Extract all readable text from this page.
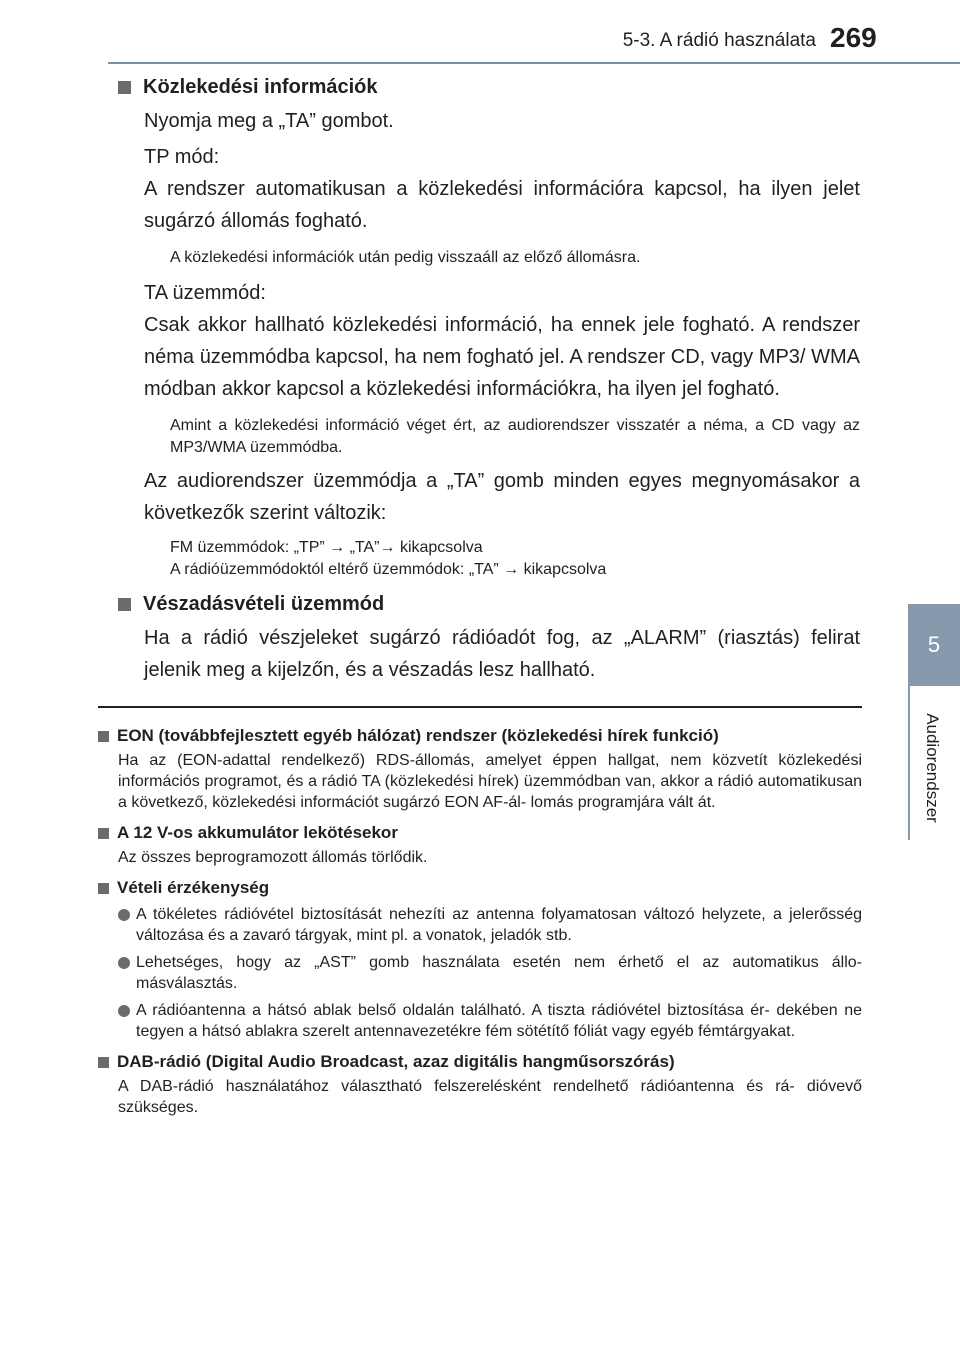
5-3. A rádió használata 269
5
Audiorendszer
Közlekedési információk
Nyomja meg a „TA” gombot.
TP mód:
A rendszer automatikusan a közlekedési információra kapcsol, ha ilyen jelet sugárzó állomás fogható.
A közlekedési információk után pedig visszaáll az előző állomásra.
TA üzemmód:
Csak akkor hallható közlekedési információ, ha ennek jele fogható. A rendszer néma üzemmódba kapcsol, ha nem fogható jel. A rendszer CD, vagy MP3/ WMA módban akkor kapcsol a közlekedési információkra, ha ilyen jel fogható.
Amint a közlekedési információ véget ért, az audiorendszer visszatér a néma, a CD vagy az MP3/WMA üzemmódba.
Az audiorendszer üzemmódja a „TA” gomb minden egyes megnyomásakor a következők szerint változik:
FM üzemmódok: „TP” → „TA”→ kikapcsolva
A rádióüzemmódoktól eltérő üzemmódok: „TA” → kikapcsolva
Vészadásvételi üzemmód
Ha a rádió vészjeleket sugárzó rádióadót fog, az „ALARM” (riasztás) felirat jelenik meg a kijelzőn, és a vészadás lesz hallható.
EON (továbbfejlesztett egyéb hálózat) rendszer (közlekedési hírek funkció)
Ha az (EON-adattal rendelkező) RDS-állomás, amelyet éppen hallgat, nem közvetít közlekedési információs programot, és a rádió TA (közlekedési hírek) üzemmódban van, akkor a rádió automatikusan a következő, közlekedési információt sugárzó EON AF-ál- lomás programjára vált át.
A 12 V-os akkumulátor lekötésekor
Az összes beprogramozott állomás törlődik.
Vételi érzékenység
A tökéletes rádióvétel biztosítását nehezíti az antenna folyamatosan változó helyzete, a jelerősség változása és a zavaró tárgyak, mint pl. a vonatok, jeladók stb.
Lehetséges, hogy az „AST” gomb használata esetén nem érhető el az automatikus állo- másválasztás.
A rádióantenna a hátsó ablak belső oldalán található. A tiszta rádióvétel biztosítása ér- dekében ne tegyen a hátsó ablakra szerelt antennavezetékre fém sötétítő fóliát vagy egyéb fémtárgyakat.
DAB-rádió (Digital Audio Broadcast, azaz digitális hangműsorszórás)
A DAB-rádió használatához választható felszerelésként rendelhető rádióantenna és rá- dióvevő szükséges.
